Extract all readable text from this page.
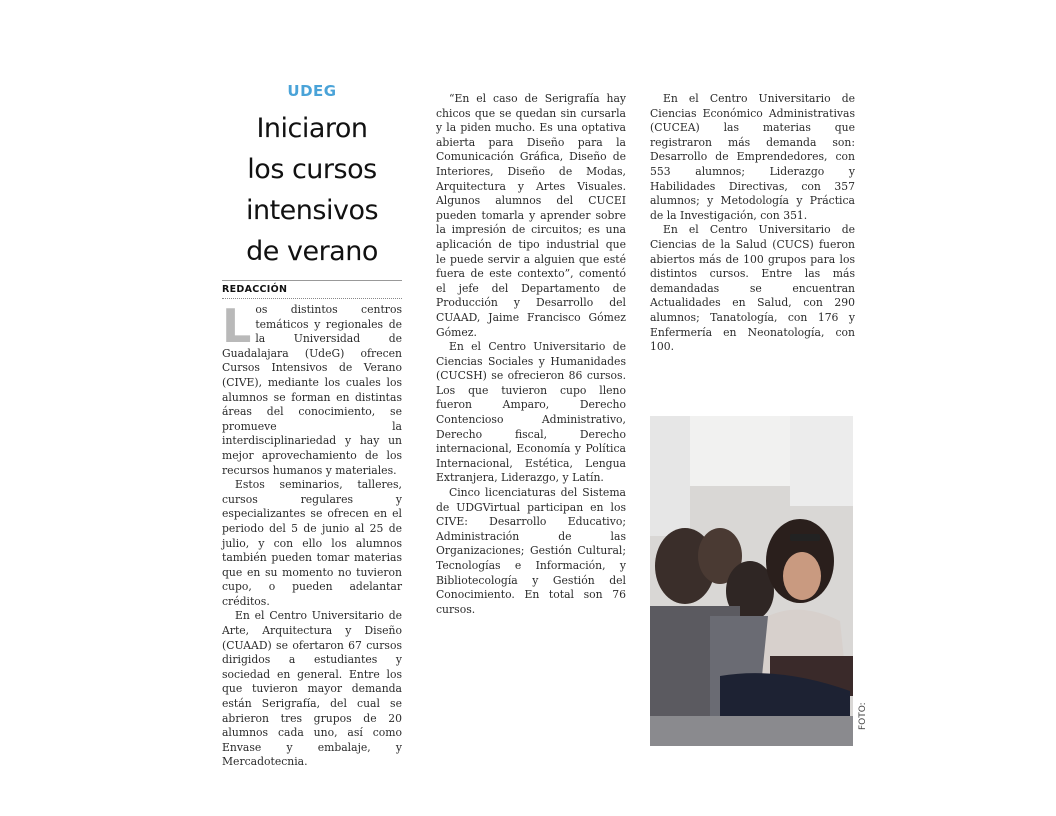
UDEG
Iniciaron
los cursos
intensivos
de verano
REDACCIÓN

Los distintos centros temáticos y regionales de la Universidad de Guadalajara (UdeG) ofrecen Cursos Intensivos de Verano (CIVE), mediante los cuales los alumnos se forman en distintas áreas del conocimiento, se promueve la interdisciplinariedad y hay un mejor aprovechamiento de los recursos humanos y materiales.

Estos seminarios, talleres, cursos regulares y especializantes se ofrecen en el periodo del 5 de junio al 25 de julio, y con ello los alumnos también pueden tomar materias que en su momento no tuvieron cupo, o pueden adelantar créditos.

En el Centro Universitario de Arte, Arquitectura y Diseño (CUAAD) se ofertaron 67 cursos dirigidos a estudiantes y sociedad en general. Entre los que tuvieron mayor demanda están Serigrafía, del cual se abrieron tres grupos de 20 alumnos cada uno, así como Envase y embalaje, y Mercadotecnia.

“En el caso de Serigrafía hay chicos que se quedan sin cursarla y la piden mucho. Es una optativa abierta para Diseño para la Comunicación Gráfica, Diseño de Interiores, Diseño de Modas, Arquitectura y Artes Visuales. Algunos alumnos del CUCEI pueden tomarla y aprender sobre la impresión de circuitos; es una aplicación de tipo industrial que le puede servir a alguien que esté fuera de este contexto”, comentó el jefe del Departamento de Producción y Desarrollo del CUAAD, Jaime Francisco Gómez Gómez.

En el Centro Universitario de Ciencias Sociales y Humanidades (CUCSH) se ofrecieron 86 cursos. Los que tuvieron cupo lleno fueron Amparo, Derecho Contencioso Administrativo, Derecho fiscal, Derecho internacional, Economía y Política Internacional, Estética, Lengua Extranjera, Liderazgo, y Latín.

Cinco licenciaturas del Sistema de UDGVirtual participan en los CIVE: Desarrollo Educativo; Administración de las Organizaciones; Gestión Cultural; Tecnologías e Información, y Bibliotecología y Gestión del Conocimiento. En total son 76 cursos.

En el Centro Universitario de Ciencias Económico Administrativas (CUCEA) las materias que registraron más demanda son: Desarrollo de Emprendedores, con 553 alumnos; Liderazgo y Habilidades Directivas, con 357 alumnos; y Metodología y Práctica de la Investigación, con 351.

En el Centro Universitario de Ciencias de la Salud (CUCS) fueron abiertos más de 100 grupos para los distintos cursos. Entre las más demandadas se encuentran Actualidades en Salud, con 290 alumnos; Tanatología, con 176 y Enfermería en Neonatología, con 100.

FOTO:
